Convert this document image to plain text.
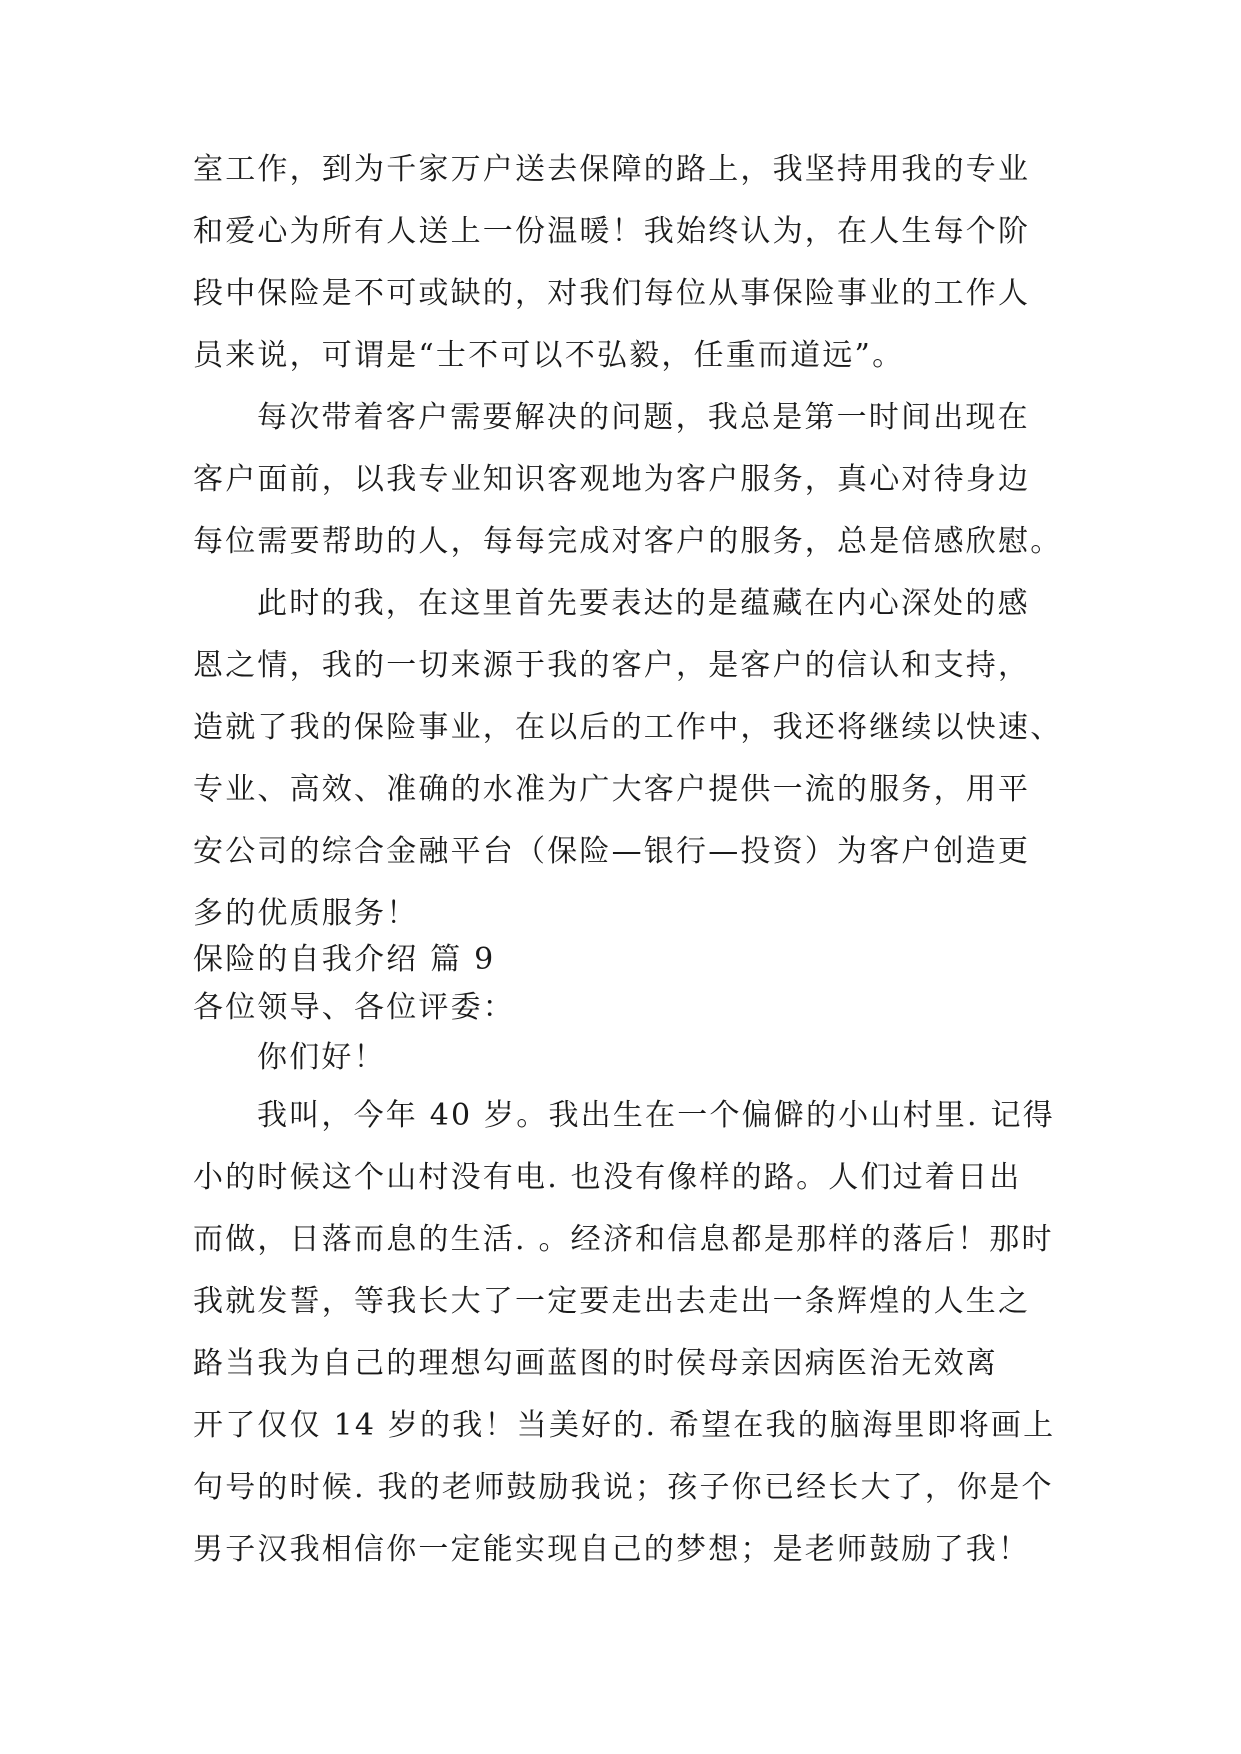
室工作，到为千家万户送去保障的路上，我坚持用我的专业
和爱心为所有人送上一份温暖！我始终认为，在人生每个阶
段中保险是不可或缺的，对我们每位从事保险事业的工作人
员来说，可谓是“士不可以不弘毅，任重而道远”。
每次带着客户需要解决的问题，我总是第一时间出现在
客户面前，以我专业知识客观地为客户服务，真心对待身边
每位需要帮助的人，每每完成对客户的服务，总是倍感欣慰。
此时的我，在这里首先要表达的是蕴藏在内心深处的感
恩之情，我的一切来源于我的客户，是客户的信认和支持，
造就了我的保险事业，在以后的工作中，我还将继续以快速、
专业、高效、准确的水准为广大客户提供一流的服务，用平
安公司的综合金融平台（保险—银行—投资）为客户创造更
多的优质服务！
保险的自我介绍 篇 9
各位领导、各位评委：
你们好！
我叫，今年 40 岁。我出生在一个偏僻的小山村里. 记得
小的时候这个山村没有电. 也没有像样的路。人们过着日出
而做，日落而息的生活. 。经济和信息都是那样的落后！那时
我就发誓，等我长大了一定要走出去走出一条辉煌的人生之
路当我为自己的理想勾画蓝图的时侯母亲因病医治无效离
开了仅仅 14 岁的我！当美好的. 希望在我的脑海里即将画上
句号的时候. 我的老师鼓励我说；孩子你已经长大了，你是个
男子汉我相信你一定能实现自己的梦想；是老师鼓励了我！
